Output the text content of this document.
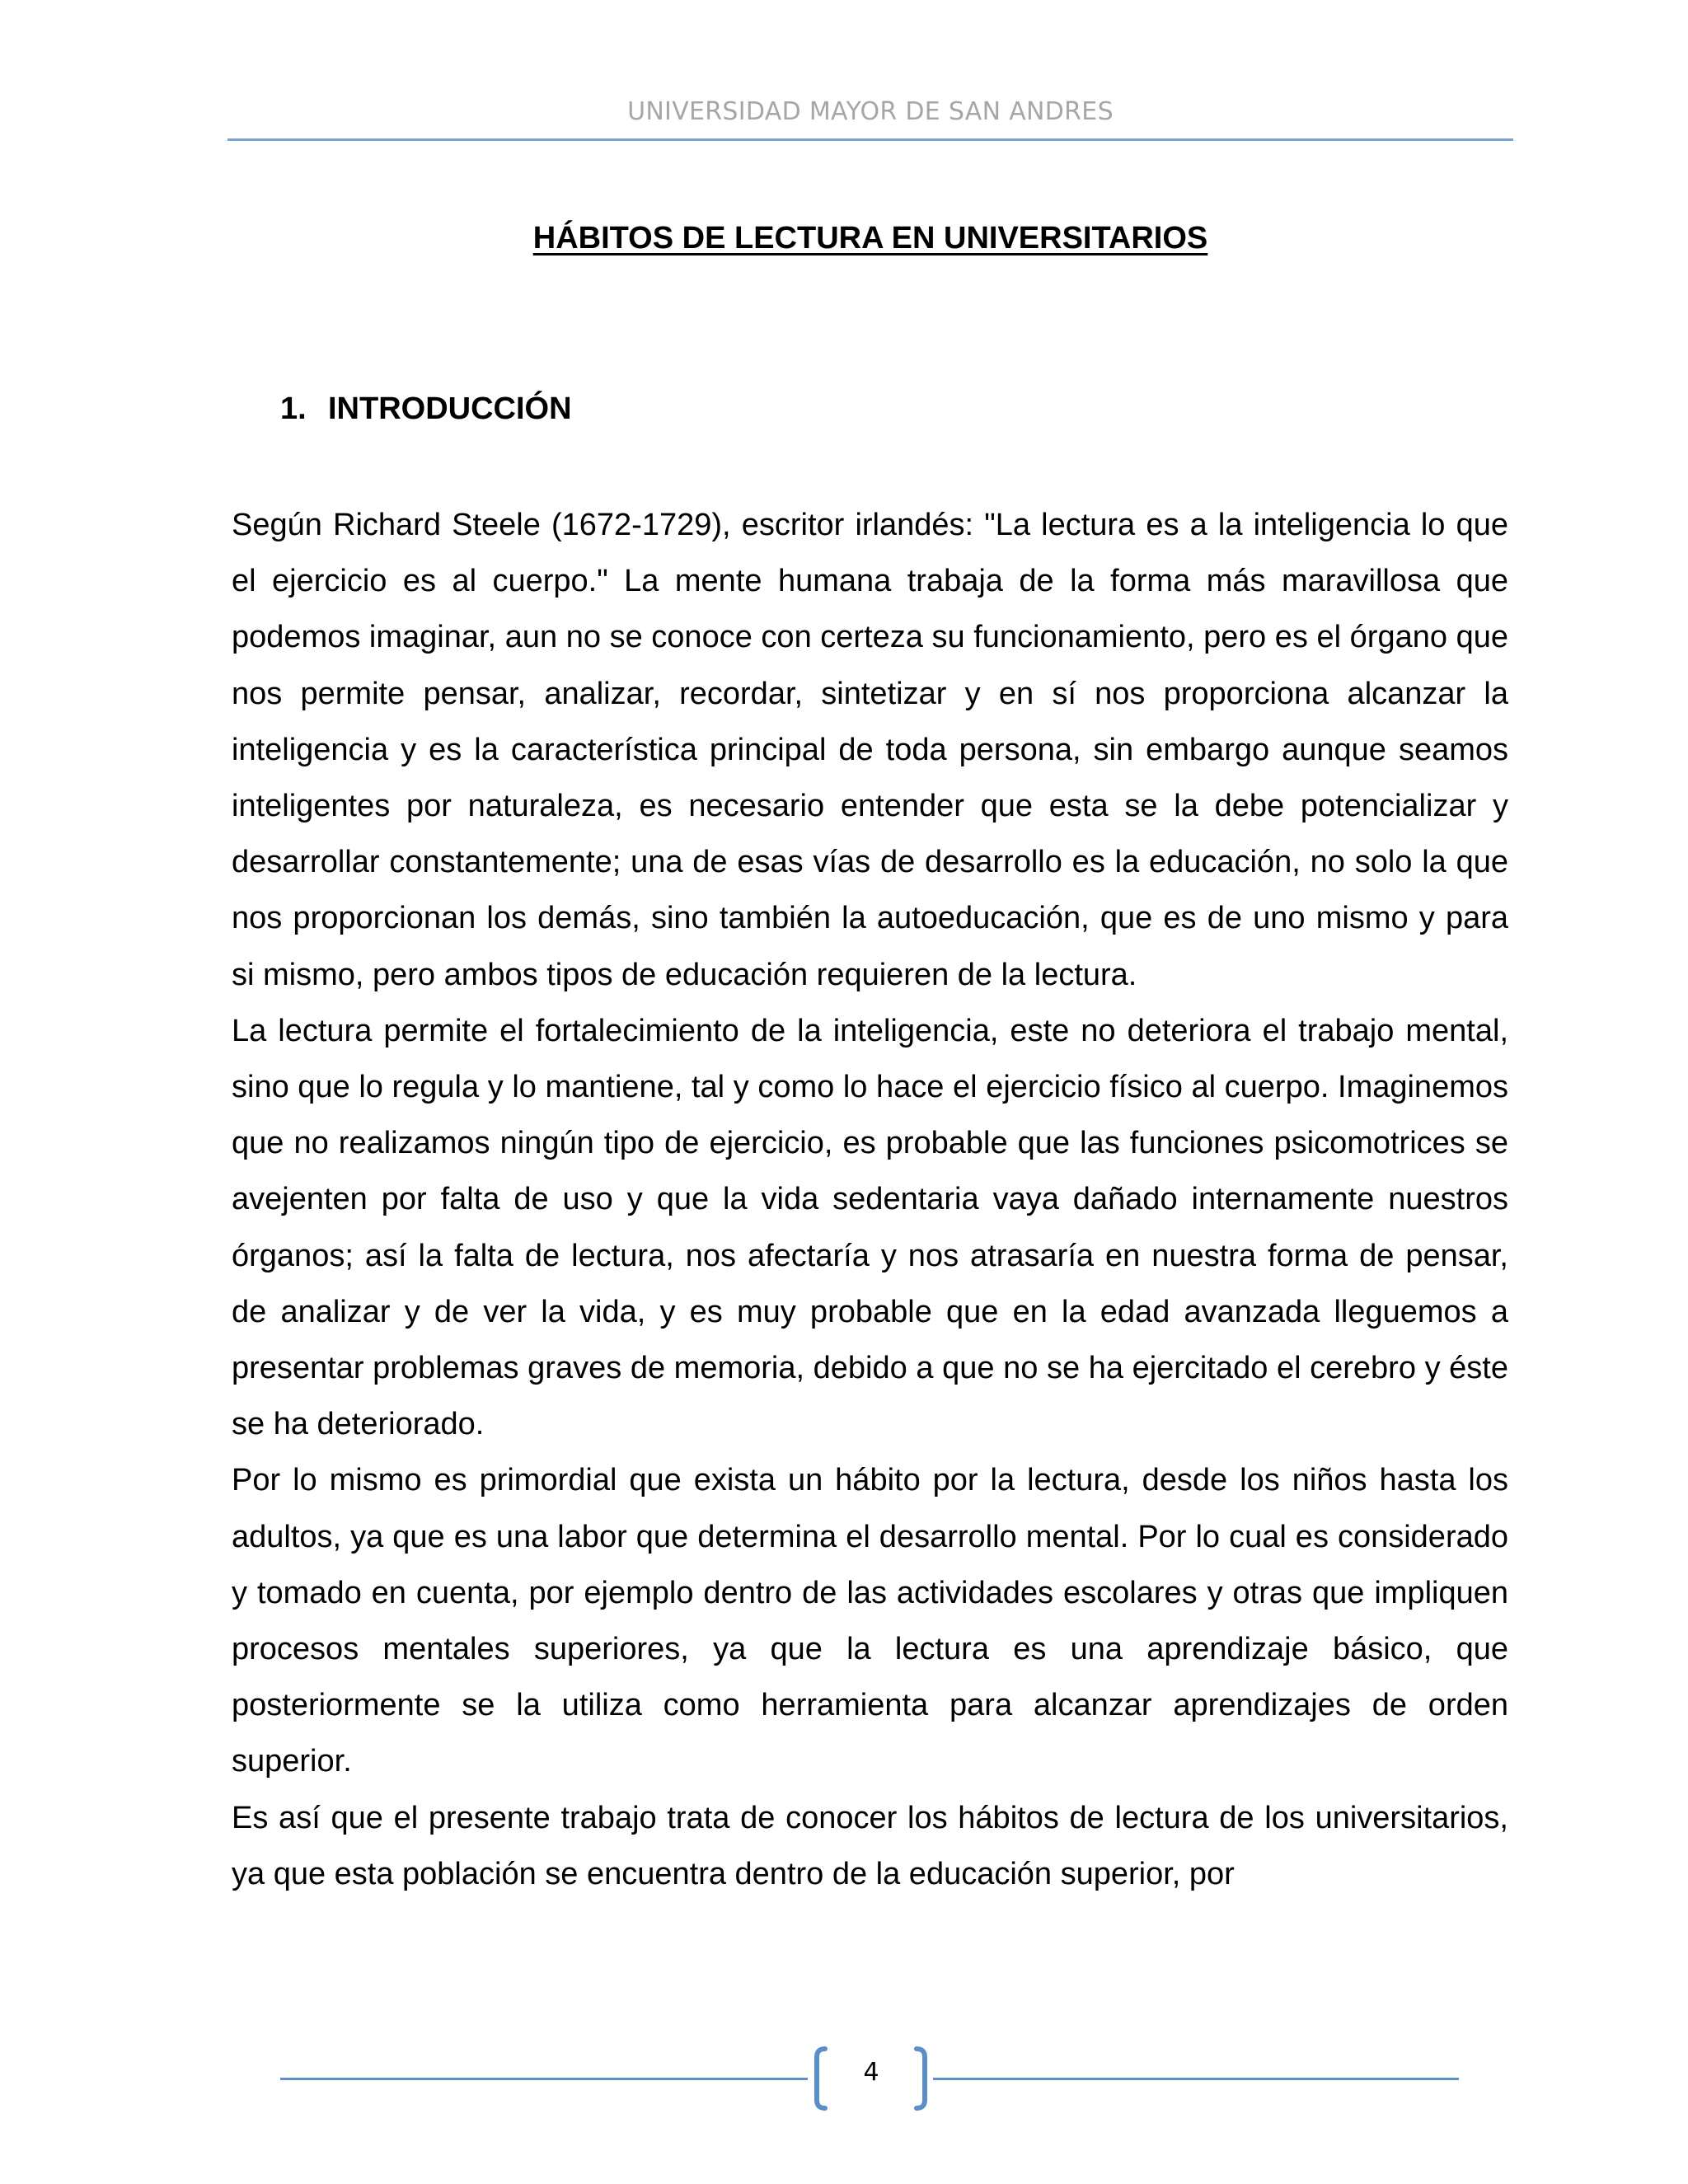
UNIVERSIDAD MAYOR DE SAN ANDRES
HÁBITOS DE LECTURA EN UNIVERSITARIOS
1. INTRODUCCIÓN

Según Richard Steele (1672-1729), escritor irlandés: "La lectura es a la inteligencia lo que el ejercicio es al cuerpo." La mente humana trabaja de la forma más maravillosa que podemos imaginar, aun no se conoce con certeza su funcionamiento, pero es el órgano que nos permite pensar, analizar, recordar, sintetizar y en sí nos proporciona alcanzar la inteligencia y es la característica principal de toda persona, sin embargo aunque seamos inteligentes por naturaleza, es necesario entender que esta se la debe potencializar y desarrollar constantemente; una de esas vías de desarrollo es la educación, no solo la que nos proporcionan los demás, sino también la autoeducación, que es de uno mismo y para si mismo, pero ambos tipos de educación requieren de la lectura.

La lectura permite el fortalecimiento de la inteligencia, este no deteriora el trabajo mental, sino que lo regula y lo mantiene, tal y como lo hace el ejercicio físico al cuerpo. Imaginemos que no realizamos ningún tipo de ejercicio, es probable que las funciones psicomotrices se avejenten por falta de uso y que la vida sedentaria vaya dañado internamente nuestros órganos; así la falta de lectura, nos afectaría y nos atrasaría en nuestra forma de pensar, de analizar y de ver la vida, y es muy probable que en la edad avanzada lleguemos a presentar problemas graves de memoria, debido a que no se ha ejercitado el cerebro y éste se ha deteriorado.

Por lo mismo es primordial que exista un hábito por la lectura, desde los niños hasta los adultos, ya que es una labor que determina el desarrollo mental. Por lo cual es considerado y tomado en cuenta, por ejemplo dentro de las actividades escolares y otras que impliquen procesos mentales superiores, ya que la lectura es una aprendizaje básico, que posteriormente se la utiliza como herramienta para alcanzar aprendizajes de orden superior.

Es así que el presente trabajo trata de conocer los hábitos de lectura de los universitarios, ya que esta población se encuentra dentro de la educación superior, por

4
